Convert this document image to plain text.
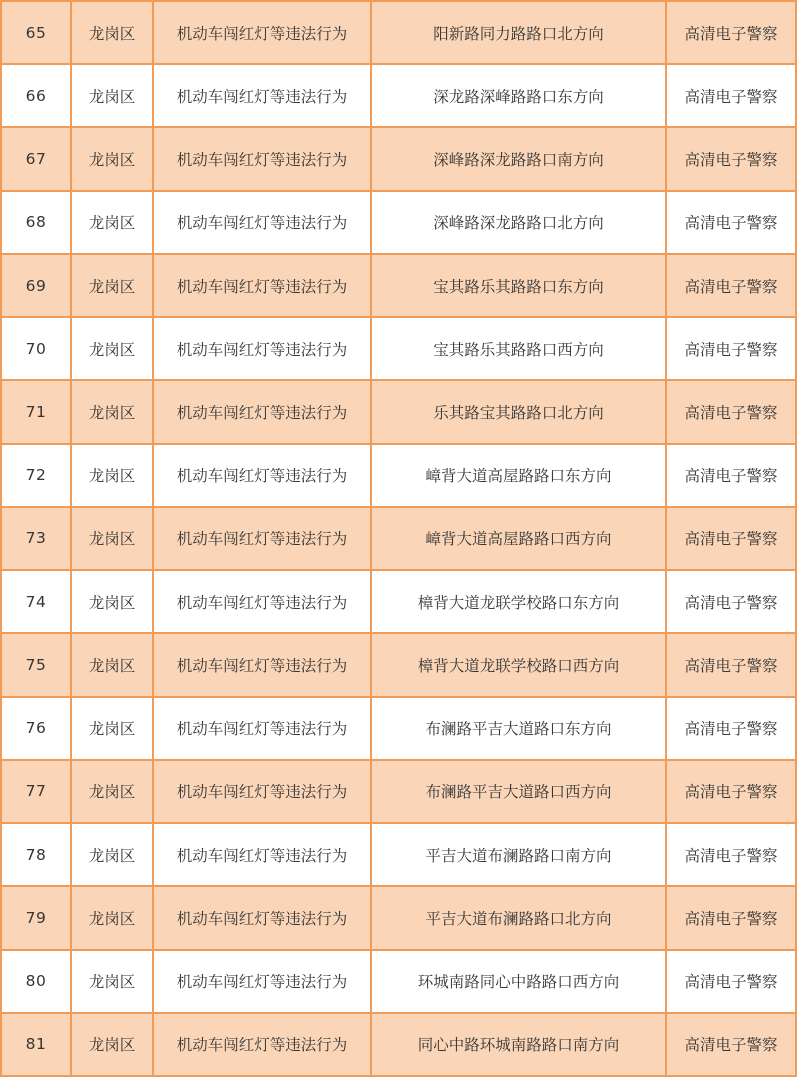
65	龙岗区	机动车闯红灯等违法行为	阳新路同力路路口北方向	高清电子警察
66	龙岗区	机动车闯红灯等违法行为	深龙路深峰路路口东方向	高清电子警察
67	龙岗区	机动车闯红灯等违法行为	深峰路深龙路路口南方向	高清电子警察
68	龙岗区	机动车闯红灯等违法行为	深峰路深龙路路口北方向	高清电子警察
69	龙岗区	机动车闯红灯等违法行为	宝其路乐其路路口东方向	高清电子警察
70	龙岗区	机动车闯红灯等违法行为	宝其路乐其路路口西方向	高清电子警察
71	龙岗区	机动车闯红灯等违法行为	乐其路宝其路路口北方向	高清电子警察
72	龙岗区	机动车闯红灯等违法行为	嶂背大道高屋路路口东方向	高清电子警察
73	龙岗区	机动车闯红灯等违法行为	嶂背大道高屋路路口西方向	高清电子警察
74	龙岗区	机动车闯红灯等违法行为	樟背大道龙联学校路口东方向	高清电子警察
75	龙岗区	机动车闯红灯等违法行为	樟背大道龙联学校路口西方向	高清电子警察
76	龙岗区	机动车闯红灯等违法行为	布澜路平吉大道路口东方向	高清电子警察
77	龙岗区	机动车闯红灯等违法行为	布澜路平吉大道路口西方向	高清电子警察
78	龙岗区	机动车闯红灯等违法行为	平吉大道布澜路路口南方向	高清电子警察
79	龙岗区	机动车闯红灯等违法行为	平吉大道布澜路路口北方向	高清电子警察
80	龙岗区	机动车闯红灯等违法行为	环城南路同心中路路口西方向	高清电子警察
81	龙岗区	机动车闯红灯等违法行为	同心中路环城南路路口南方向	高清电子警察
